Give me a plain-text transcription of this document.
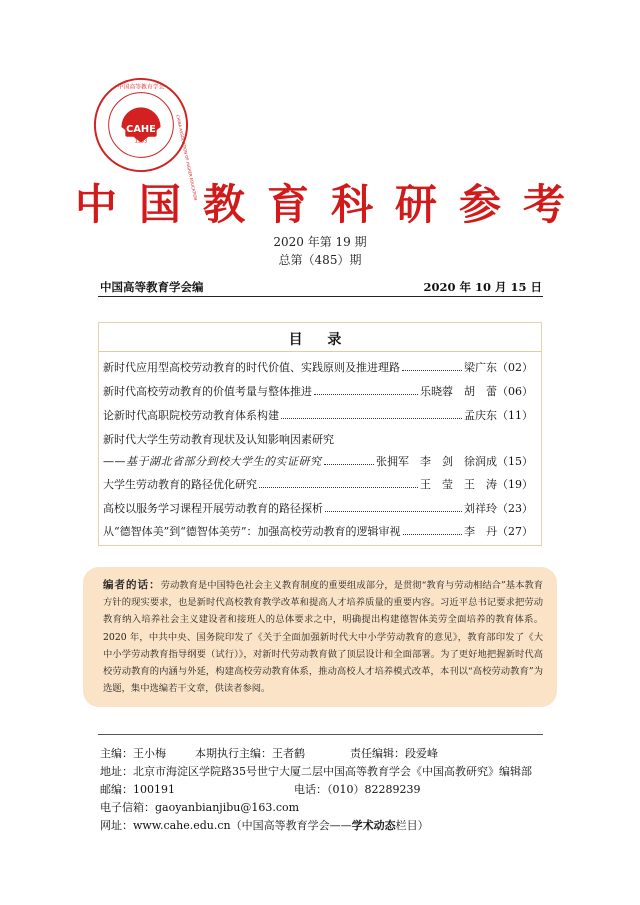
CAHE
1983
中国高等教育学会
CHINA ASSOCIATION OF HIGHER EDUCATION
中国教育科研参考
2020 年第 19 期
总第（485）期
中国高等教育学会编	2020 年 10 月 15 日
目 录
新时代应用型高校劳动教育的时代价值、实践原则及推进理路	梁广东（02）
新时代高校劳动教育的价值考量与整体推进	乐晓蓉　胡　蕾（06）
论新时代高职院校劳动教育体系构建	孟庆东（11）
新时代大学生劳动教育现状及认知影响因素研究
——基于湖北省部分到校大学生的实证研究	张拥军　李　剑　徐润成（15）
大学生劳动教育的路径优化研究	王　莹　王　涛（19）
高校以服务学习课程开展劳动教育的路径探析	刘祥玲（23）
从“德智体美”到“德智体美劳”：加强高校劳动教育的逻辑审视	李　丹（27）
编者的话：劳动教育是中国特色社会主义教育制度的重要组成部分，是贯彻“教育与劳动相结合”基本教育方针的现实要求，也是新时代高校教育教学改革和提高人才培养质量的重要内容。习近平总书记要求把劳动教育纳入培养社会主义建设者和接班人的总体要求之中，明确提出构建德智体美劳全面培养的教育体系。2020 年，中共中央、国务院印发了《关于全面加强新时代大中小学劳动教育的意见》，教育部印发了《大中小学劳动教育指导纲要（试行）》，对新时代劳动教育做了顶层设计和全面部署。为了更好地把握新时代高校劳动教育的内涵与外延，构建高校劳动教育体系，推动高校人才培养模式改革，本刊以“高校劳动教育”为选题，集中选编若干文章，供读者参阅。
主编：王小梅	本期执行主编：王者鹤	责任编辑：段爱峰
地址：北京市海淀区学院路35号世宁大厦二层中国高等教育学会《中国高教研究》编辑部
邮编：100191	电话：（010）82289239
电子信箱：gaoyanbianjibu@163.com
网址：www.cahe.edu.cn（中国高等教育学会——学术动态栏目）
